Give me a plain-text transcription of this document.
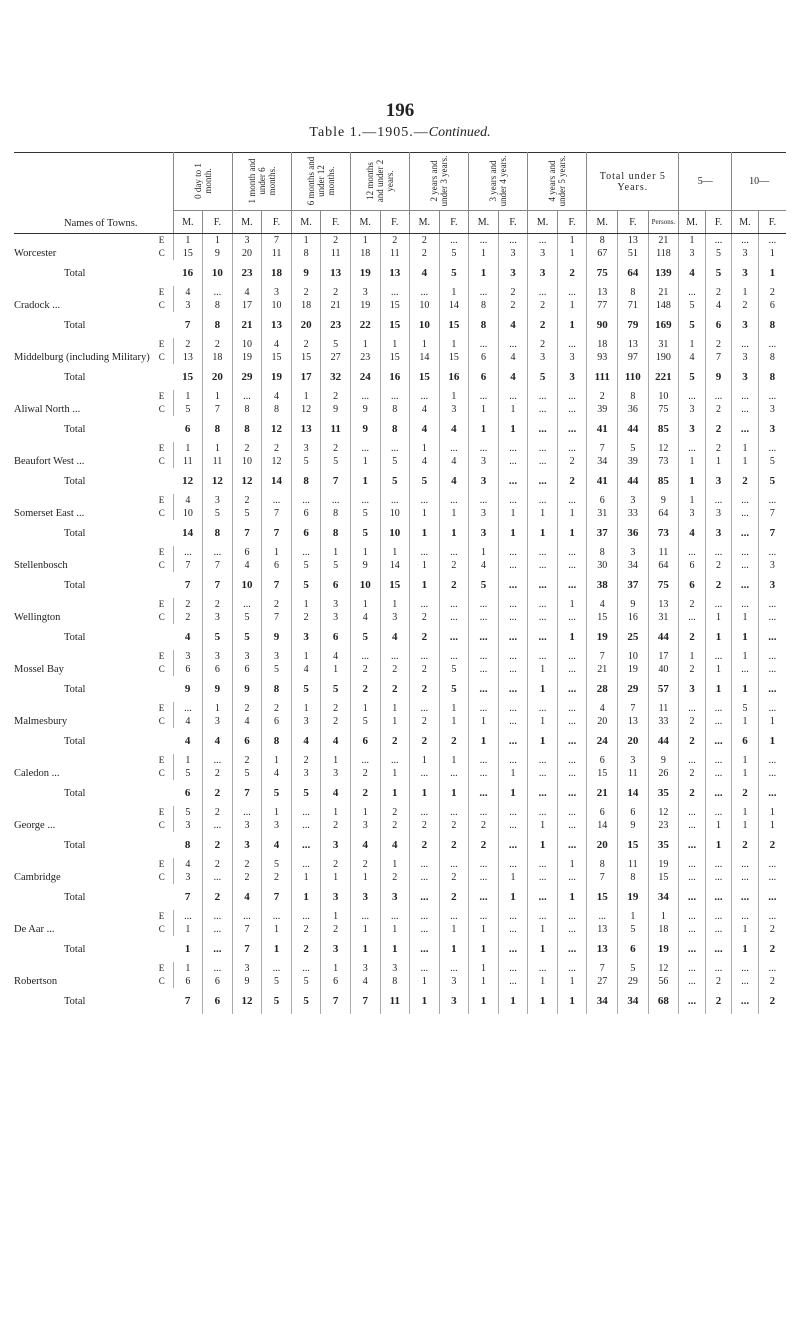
196
Table 1.—1905.—Continued.
Names of Towns.		0 day to 1 month.		1 month and under 6 months.		6 months and under 12 months.		12 months and under 2 years.		2 years and under 3 years.		3 years and under 4 years.		4 years and under 5 years.		Total under 5 Years.			5—		10—	
		M.	F.	M.	F.	M.	F.	M.	F.	M.	F.	M.	F.	M.	F.	M.	F.	Persons.	M.	F.	M.	F.
Worcester	E	1	1	3	7	1	2	1	2	2	...	...	...	...	1	8	13	21	1	...	...	...
	C	15	9	20	11	8	11	18	11	2	5	1	3	3	1	67	51	118	3	5	3	1
Total		16	10	23	18	9	13	19	13	4	5	1	3	3	2	75	64	139	4	5	3	1
Cradock ...	E	4	...	4	3	2	2	3	...	...	1	...	2	...	...	13	8	21	...	2	1	2
	C	3	8	17	10	18	21	19	15	10	14	8	2	2	1	77	71	148	5	4	2	6
Total		7	8	21	13	20	23	22	15	10	15	8	4	2	1	90	79	169	5	6	3	8
Middelburg (including Military)	E	2	2	10	4	2	5	1	1	1	1	...	...	2	...	18	13	31	1	2	...	...
	C	13	18	19	15	15	27	23	15	14	15	6	4	3	3	93	97	190	4	7	3	8
Total		15	20	29	19	17	32	24	16	15	16	6	4	5	3	111	110	221	5	9	3	8
Aliwal North ...	E	1	1	...	4	1	2	...	...	...	1	...	...	...	...	2	8	10	...	...	...	...
	C	5	7	8	8	12	9	9	8	4	3	1	1	...	...	39	36	75	3	2	...	3
Total		6	8	8	12	13	11	9	8	4	4	1	1	...	...	41	44	85	3	2	...	3
Beaufort West ...	E	1	1	2	2	3	2	...	...	1	...	...	...	...	...	7	5	12	...	2	1	...
	C	11	11	10	12	5	5	1	5	4	4	3	...	...	2	34	39	73	1	1	1	5
Total		12	12	12	14	8	7	1	5	5	4	3	...	...	2	41	44	85	1	3	2	5
Somerset East ...	E	4	3	2	...	...	...	...	...	...	...	...	...	...	...	6	3	9	1	...	...	...
	C	10	5	5	7	6	8	5	10	1	1	3	1	1	1	31	33	64	3	3	...	7
Total		14	8	7	7	6	8	5	10	1	1	3	1	1	1	37	36	73	4	3	...	7
Stellenbosch	E	...	...	6	1	...	1	1	1	...	...	1	...	...	...	8	3	11	...	...	...	...
	C	7	7	4	6	5	5	9	14	1	2	4	...	...	...	30	34	64	6	2	...	3
Total		7	7	10	7	5	6	10	15	1	2	5	...	...	...	38	37	75	6	2	...	3
Wellington	E	2	2	...	2	1	3	1	1	...	...	...	...	...	1	4	9	13	2	...	...	...
	C	2	3	5	7	2	3	4	3	2	...	...	...	...	...	15	16	31	...	1	1	...
Total		4	5	5	9	3	6	5	4	2	...	...	...	...	1	19	25	44	2	1	1	...
Mossel Bay	E	3	3	3	3	1	4	...	...	...	...	...	...	...	...	7	10	17	1	...	1	...
	C	6	6	6	5	4	1	2	2	2	5	...	...	1	...	21	19	40	2	1	...	...
Total		9	9	9	8	5	5	2	2	2	5	...	...	1	...	28	29	57	3	1	1	...
Malmesbury	E	...	1	2	2	1	2	1	1	...	1	...	...	...	...	4	7	11	...	...	5	...
	C	4	3	4	6	3	2	5	1	2	1	1	...	1	...	20	13	33	2	...	1	1
Total		4	4	6	8	4	4	6	2	2	2	1	...	1	...	24	20	44	2	...	6	1
Caledon ...	E	1	...	2	1	2	1	...	...	1	1	...	...	...	...	6	3	9	...	...	1	...
	C	5	2	5	4	3	3	2	1	...	...	...	1	...	...	15	11	26	2	...	1	...
Total		6	2	7	5	5	4	2	1	1	1	...	1	...	...	21	14	35	2	...	2	...
George ...	E	5	2	...	1	...	1	1	2	...	...	...	...	...	...	6	6	12	...	...	1	1
	C	3	...	3	3	...	2	3	2	2	2	2	...	1	...	14	9	23	...	1	1	1
Total		8	2	3	4	...	3	4	4	2	2	2	...	1	...	20	15	35	...	1	2	2
Cambridge	E	4	2	2	5	...	2	2	1	...	...	...	...	...	1	8	11	19	...	...	...	...
	C	3	...	2	2	1	1	1	2	...	2	...	1	...	...	7	8	15	...	...	...	...
Total		7	2	4	7	1	3	3	3	...	2	...	1	...	1	15	19	34	...	...	...	...
De Aar ...	E	...	...	...	...	...	1	...	...	...	...	...	...	...	...	...	1	1	...	...	...	...
	C	1	...	7	1	2	2	1	1	...	1	1	...	1	...	13	5	18	...	...	1	2
Total		1	...	7	1	2	3	1	1	...	1	1	...	1	...	13	6	19	...	...	1	2
Robertson	E	1	...	3	...	...	1	3	3	...	...	1	...	...	...	7	5	12	...	...	...	...
	C	6	6	9	5	5	6	4	8	1	3	1	...	1	1	27	29	56	...	2	...	2
Total		7	6	12	5	5	7	7	11	1	3	1	1	1	1	34	34	68	...	2	...	2
